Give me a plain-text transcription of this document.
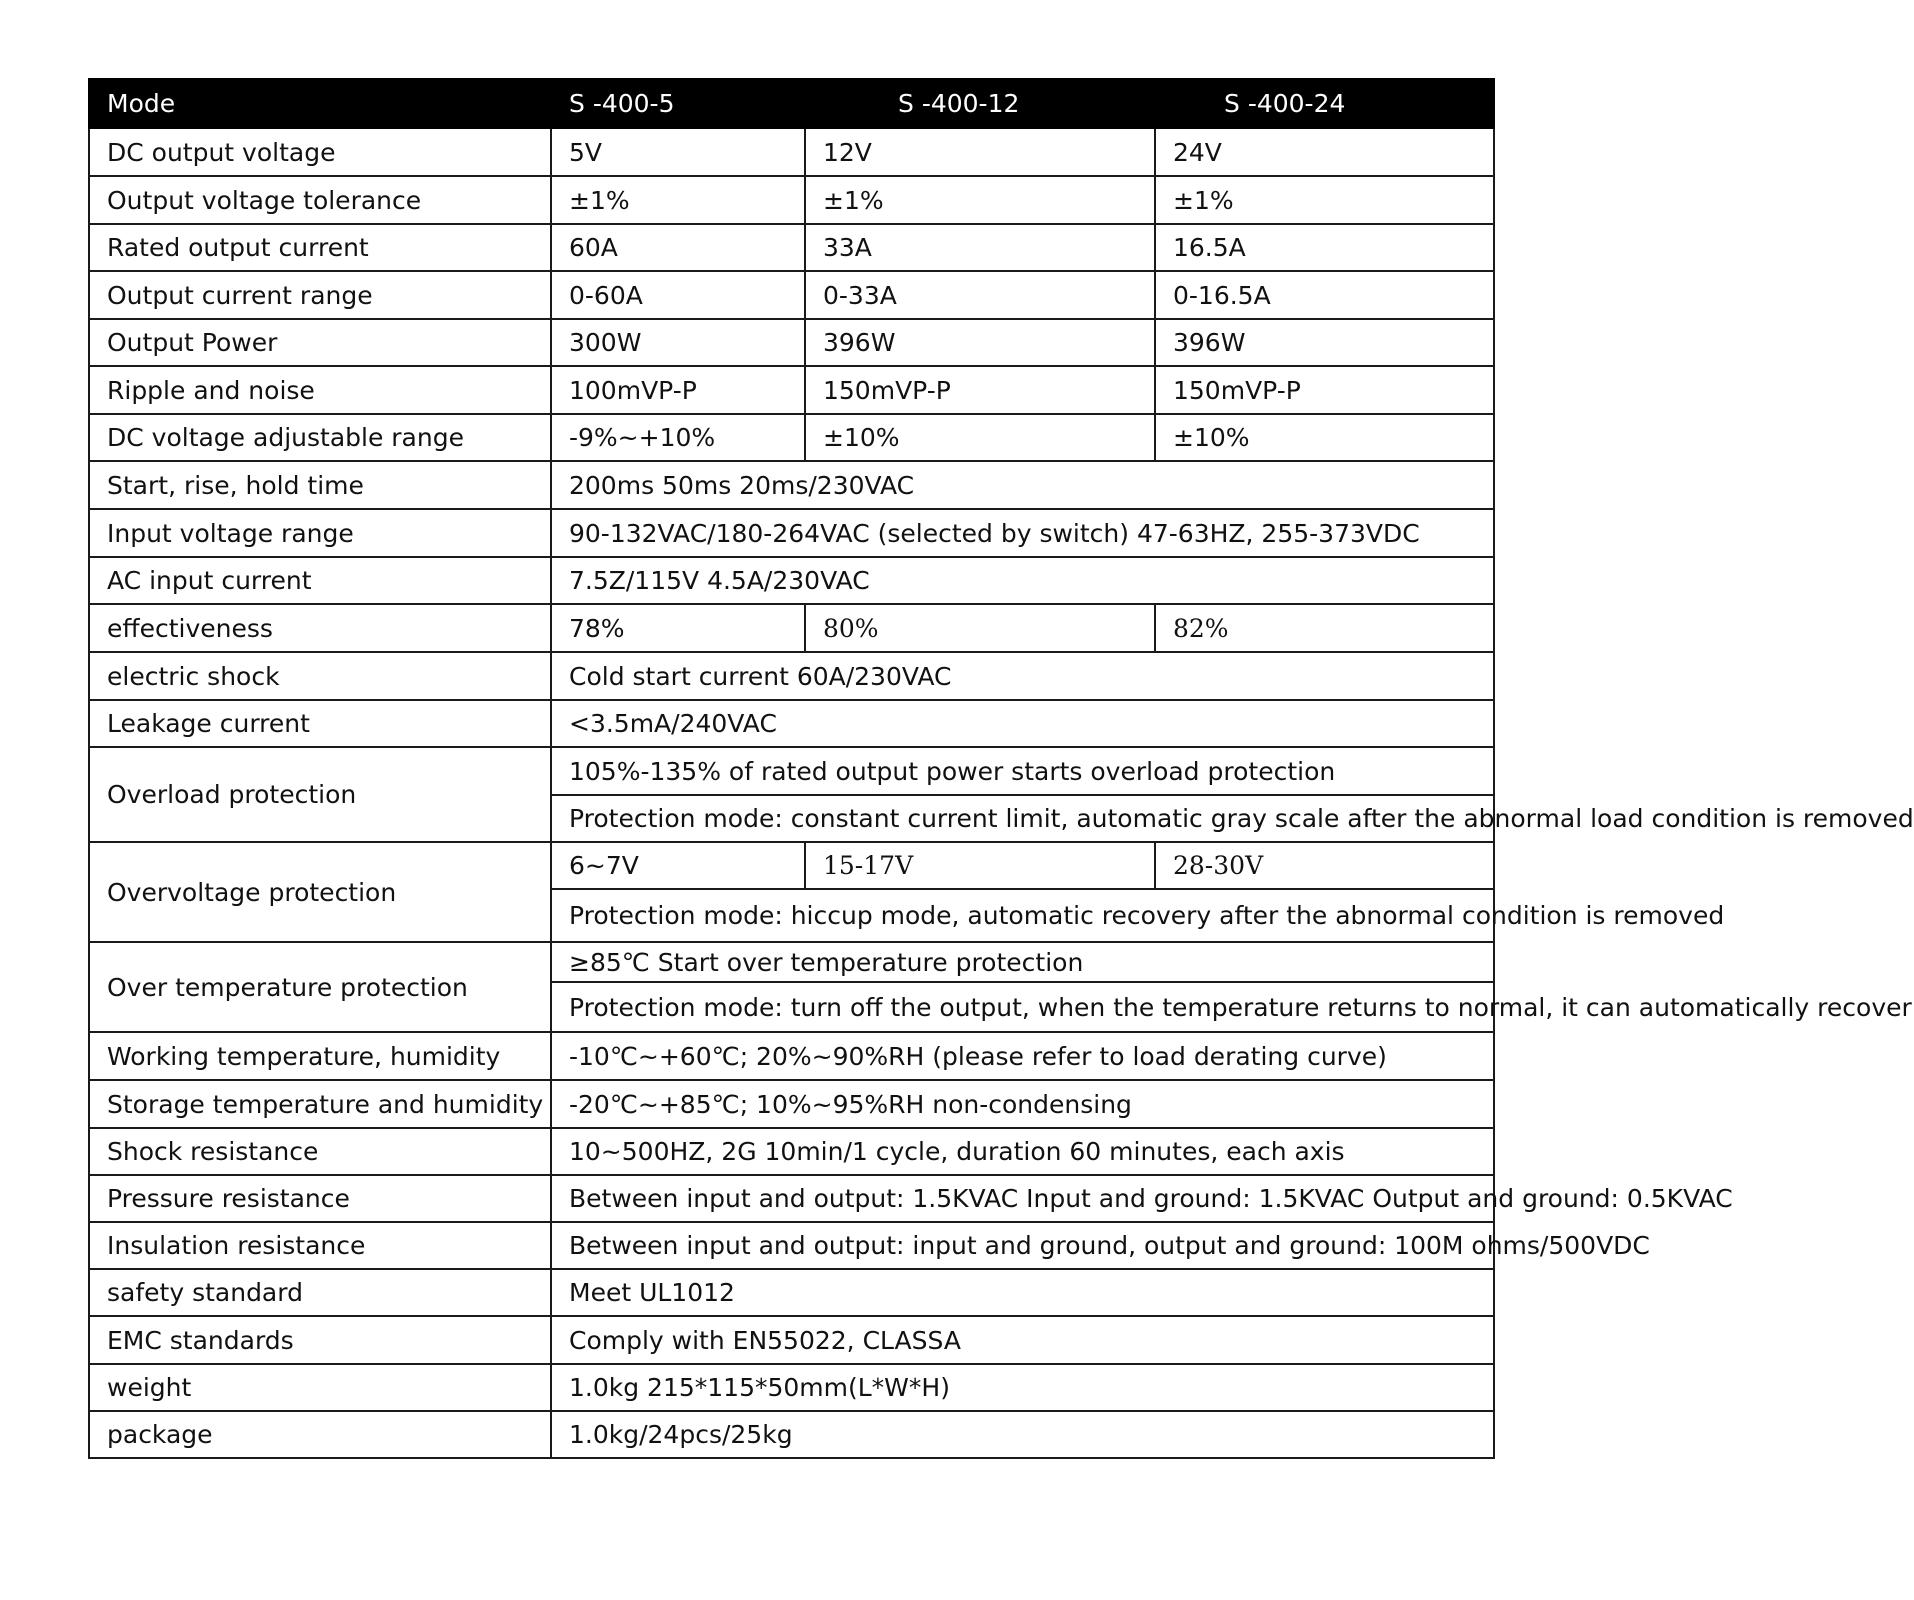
Mode	S -400-5	S -400-12	S -400-24
DC output voltage	5V	12V	24V
Output voltage tolerance	±1%	±1%	±1%
Rated output current	60A	33A	16.5A
Output current range	0-60A	0-33A	0-16.5A
Output Power	300W	396W	396W
Ripple and noise	100mVP-P	150mVP-P	150mVP-P
DC voltage adjustable range	-9%~+10%	±10%	±10%
Start, rise, hold time	200ms 50ms 20ms/230VAC		
Input voltage range	90-132VAC/180-264VAC (selected by switch) 47-63HZ, 255-373VDC		
AC input current	7.5Z/115V 4.5A/230VAC		
effectiveness	78%	80%	82%
electric shock	Cold start current 60A/230VAC		
Leakage current	<3.5mA/240VAC		
Overload protection	105%-135% of rated output power starts overload protection		
	Protection mode: constant current limit, automatic gray scale after the abnormal load condition is removed		
Overvoltage protection	6~7V	15-17V	28-30V
	Protection mode: hiccup mode, automatic recovery after the abnormal condition is removed		
Over temperature protection	≥85℃ Start over temperature protection		
	Protection mode: turn off the output, when the temperature returns to normal, it can automatically recover		
Working temperature, humidity	-10℃~+60℃; 20%~90%RH (please refer to load derating curve)		
Storage temperature and humidity	-20℃~+85℃; 10%~95%RH non-condensing		
Shock resistance	10~500HZ, 2G 10min/1 cycle, duration 60 minutes, each axis		
Pressure resistance	Between input and output: 1.5KVAC Input and ground: 1.5KVAC Output and ground: 0.5KVAC		
Insulation resistance	Between input and output: input and ground, output and ground: 100M ohms/500VDC		
safety standard	Meet UL1012		
EMC standards	Comply with EN55022, CLASSA		
weight	1.0kg 215*115*50mm(L*W*H)		
package	1.0kg/24pcs/25kg		
